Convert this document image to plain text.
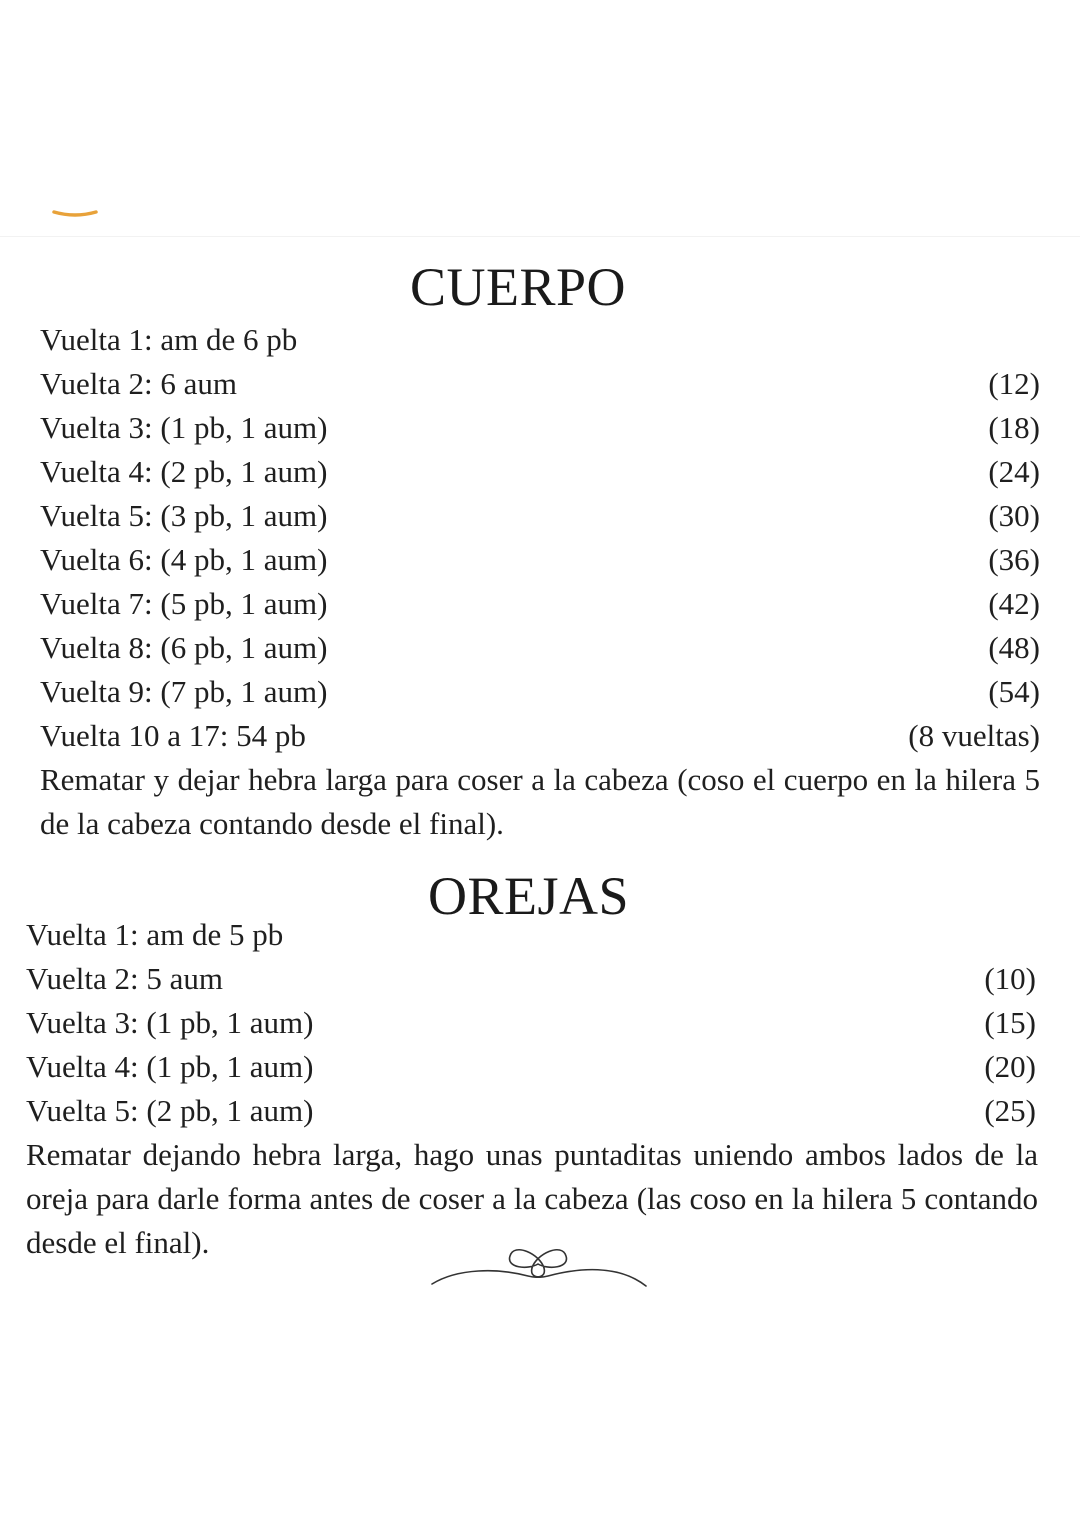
CUERPO
Vuelta 1: am de 6 pb
Vuelta 2: 6 aum	(12)
Vuelta 3: (1 pb, 1 aum)	(18)
Vuelta 4: (2 pb, 1 aum)	(24)
Vuelta 5: (3 pb, 1 aum)	(30)
Vuelta 6: (4 pb, 1 aum)	(36)
Vuelta 7: (5 pb, 1 aum)	(42)
Vuelta 8: (6 pb, 1 aum)	(48)
Vuelta 9: (7 pb, 1 aum)	(54)
Vuelta 10 a 17: 54 pb	(8 vueltas)

Rematar y dejar hebra larga para coser a la cabeza (coso el cuerpo en la hilera 5 de la cabeza contando desde el final).

OREJAS
Vuelta 1: am de 5 pb
Vuelta 2: 5 aum	(10)
Vuelta 3: (1 pb, 1 aum)	(15)
Vuelta 4: (1 pb, 1 aum)	(20)
Vuelta 5: (2 pb, 1 aum)	(25)

Rematar dejando hebra larga, hago unas puntaditas uniendo ambos lados de la oreja para darle forma antes de coser a la cabeza (las coso en la hilera 5 contando desde el final).
